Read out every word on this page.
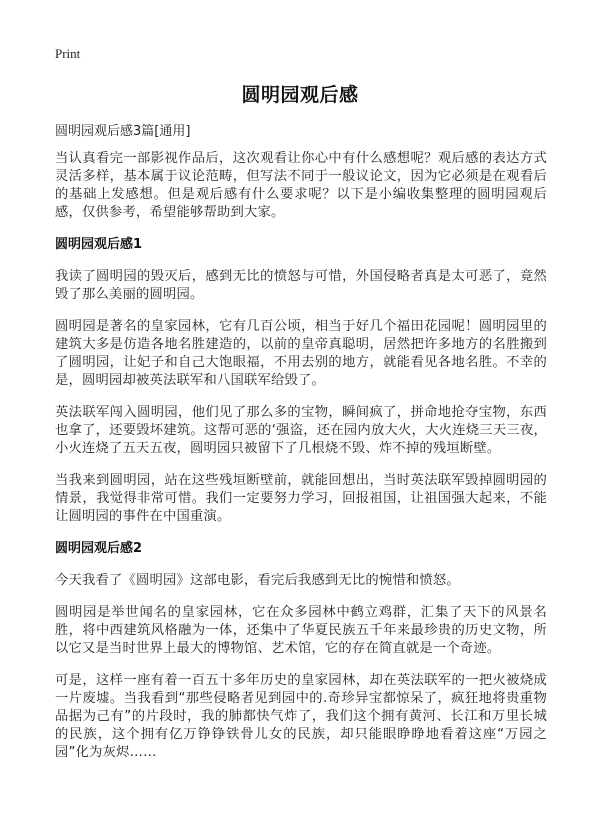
Print
圆明园观后感
圆明园观后感3篇[通用]

当认真看完一部影视作品后，这次观看让你心中有什么感想呢？观后感的表达方式灵活多样，基本属于议论范畴，但写法不同于一般议论文，因为它必须是在观看后的基础上发感想。但是观后感有什么要求呢？以下是小编收集整理的圆明园观后感，仅供参考，希望能够帮助到大家。

圆明园观后感1

我读了圆明园的毁灭后，感到无比的愤怒与可惜，外国侵略者真是太可恶了，竟然毁了那么美丽的圆明园。

圆明园是著名的皇家园林，它有几百公顷，相当于好几个福田花园呢！圆明园里的建筑大多是仿造各地名胜建造的，以前的皇帝真聪明，居然把许多地方的名胜搬到了圆明园，让妃子和自己大饱眼福，不用去别的地方，就能看见各地名胜。不幸的是，圆明园却被英法联军和八国联军给毁了。

英法联军闯入圆明园，他们见了那么多的宝物，瞬间疯了，拼命地抢夺宝物，东西也拿了，还要毁坏建筑。这帮可恶的‘强盗，还在园内放大火，大火连烧三天三夜，小火连烧了五天五夜，圆明园只被留下了几根烧不毁、炸不掉的残垣断壁。

当我来到圆明园，站在这些残垣断壁前，就能回想出，当时英法联军毁掉圆明园的情景，我觉得非常可惜。我们一定要努力学习，回报祖国，让祖国强大起来，不能让圆明园的事件在中国重演。

圆明园观后感2

今天我看了《圆明园》这部电影，看完后我感到无比的惋惜和愤怒。

圆明园是举世闻名的皇家园林，它在众多园林中鹤立鸡群，汇集了天下的风景名胜，将中西建筑风格融为一体，还集中了华夏民族五千年来最珍贵的历史文物，所以它又是当时世界上最大的博物馆、艺术馆，它的存在简直就是一个奇迹。

可是，这样一座有着一百五十多年历史的皇家园林，却在英法联军的一把火被烧成一片废墟。当我看到“那些侵略者见到园中的.奇珍异宝都惊呆了，疯狂地将贵重物品据为己有”的片段时，我的肺都快气炸了，我们这个拥有黄河、长江和万里长城的民族，这个拥有亿万铮铮铁骨儿女的民族，却只能眼睁睁地看着这座“万园之园”化为灰烬……
